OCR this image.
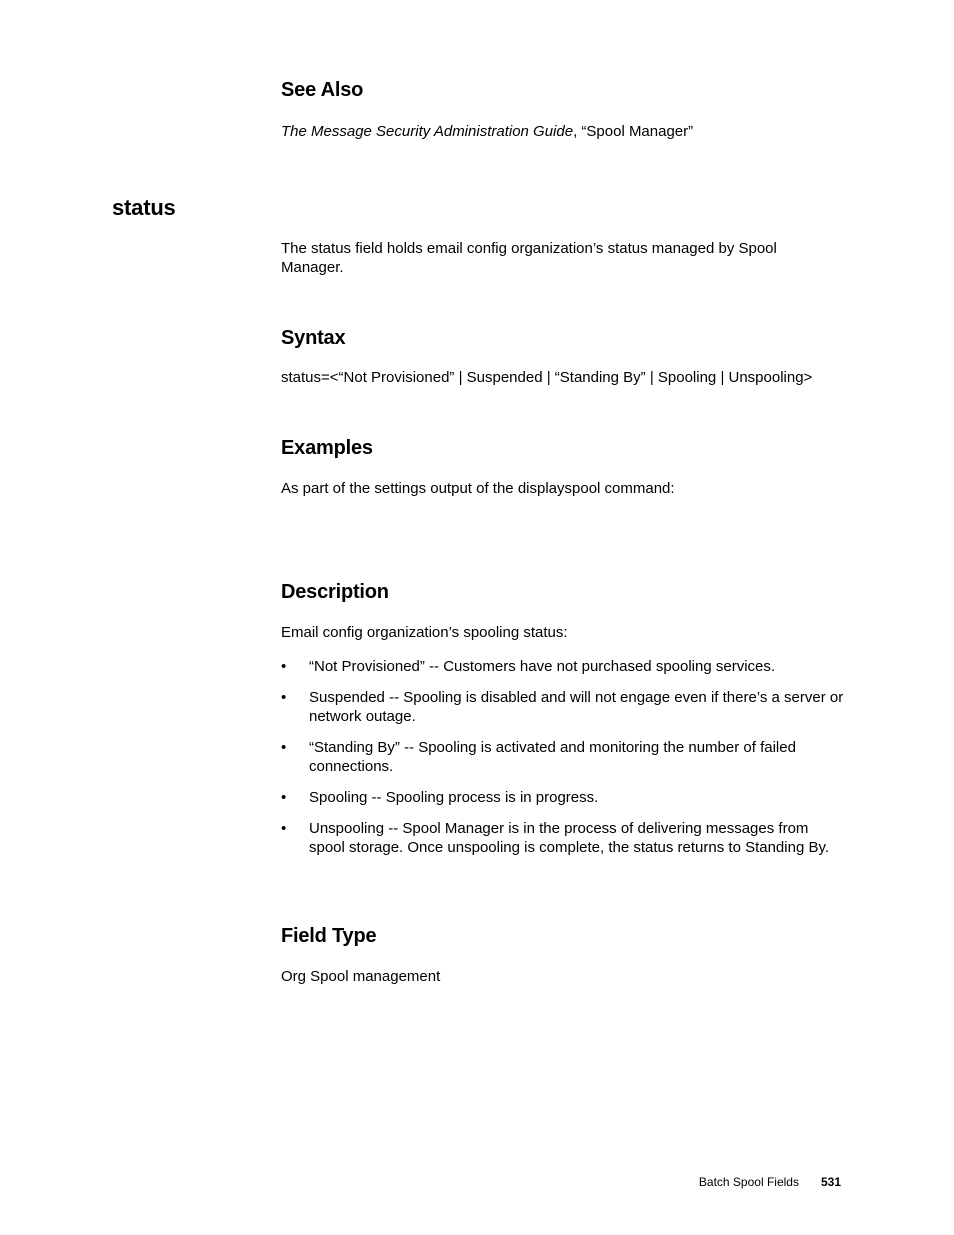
See Also

The Message Security Administration Guide, “Spool Manager”

status

The status field holds email config organization’s status managed by Spool Manager.

Syntax

status=<“Not Provisioned” | Suspended | “Standing By” | Spooling | Unspooling>

Examples

As part of the settings output of the displayspool command:

Description

Email config organization’s spooling status:

• “Not Provisioned” -- Customers have not purchased spooling services.
• Suspended -- Spooling is disabled and will not engage even if there’s a server or network outage.
• “Standing By” -- Spooling is activated and monitoring the number of failed connections.
• Spooling -- Spooling process is in progress.
• Unspooling -- Spool Manager is in the process of delivering messages from spool storage. Once unspooling is complete, the status returns to Standing By.
Field Type

Org Spool management

Batch Spool Fields 531
